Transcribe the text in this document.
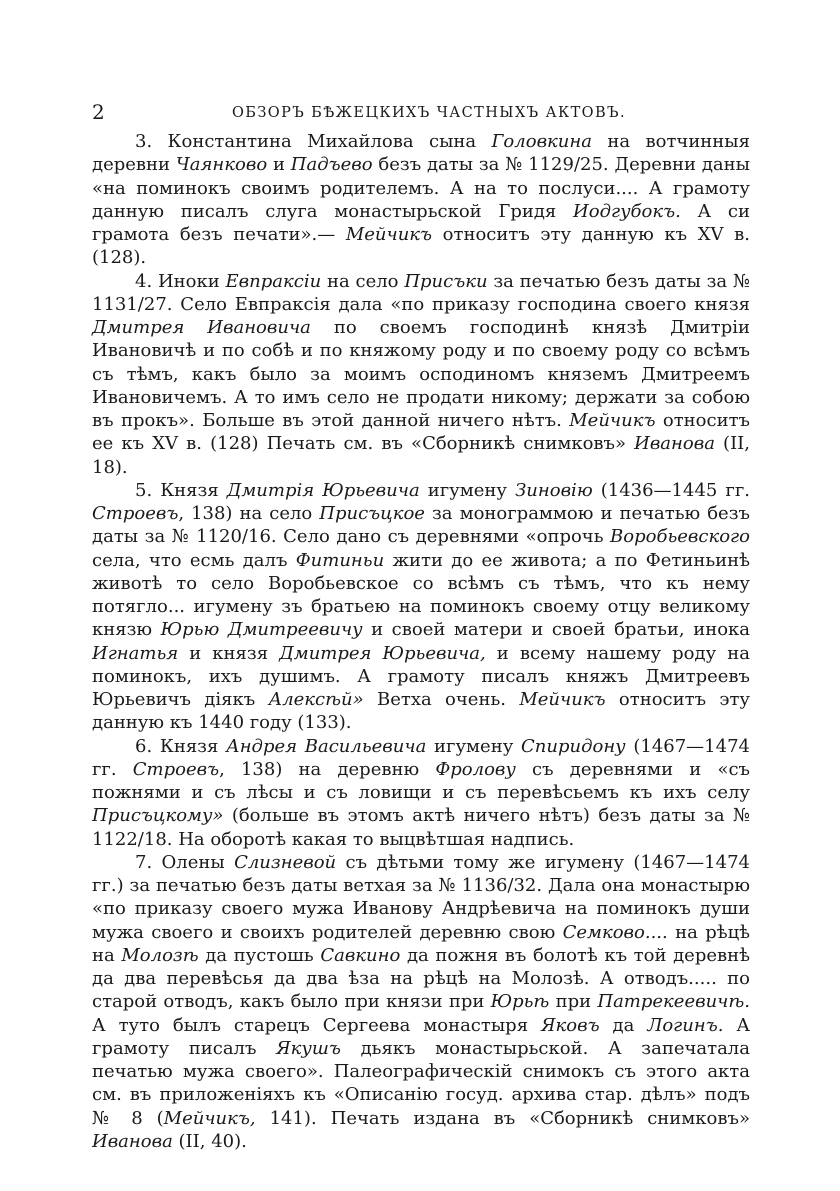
2	ОБЗОРЪ БѢЖЕЦКИХЪ ЧАСТНЫХЪ АКТОВЪ.

3. Константина Михайлова сына Головкина на вотчинныя деревни Чаянково и Падъево безъ даты за № 1129/25. Деревни даны «на поминокъ своимъ родителемъ. А на то послуси.... А грамоту данную писалъ слуга монастырьской Гридя Иодгубокъ. А си грамота безъ печати».— Мейчикъ относитъ эту данную къ XV в. (128).

4. Иноки Евпраксіи на село Присъки за печатью безъ даты за № 1131/27. Село Евпраксія дала «по приказу господина своего князя Дмитрея Ивановича по своемъ господинѣ князѣ Дмитріи Ивановичѣ и по собѣ и по княжому роду и по своему роду со всѣмъ съ тѣмъ, какъ было за моимъ осподиномъ княземъ Дмитреемъ Ивановичемъ. А то имъ село не продати никому; держати за собою въ прокъ». Больше въ этой данной ничего нѣтъ. Мейчикъ относитъ ее къ XV в. (128) Печать см. въ «Сборникѣ снимковъ» Иванова (II, 18).

5. Князя Дмитрія Юрьевича игумену Зиновію (1436—1445 гг. Строевъ, 138) на село Присъцкое за монограммою и печатью безъ даты за № 1120/16. Село дано съ деревнями «опрочь Воробьевского села, что есмь далъ Фитиньи жити до ее живота; а по Фетиньинѣ животѣ то село Воробьевское со всѣмъ съ тѣмъ, что къ нему потягло... игумену зъ братьею на поминокъ своему отцу великому князю Юрью Дмитреевичу и своей матери и своей братьи, инока Игнатья и князя Дмитрея Юрьевича, и всему нашему роду на поминокъ, ихъ душимъ. А грамоту писалъ княжъ Дмитреевъ Юрьевичъ дiякъ Алексѣй» Ветха очень. Мейчикъ относитъ эту данную къ 1440 году (133).

6. Князя Андрея Васильевича игумену Спиридону (1467—1474 гг. Строевъ, 138) на деревню Фролову съ деревнями и «съ пожнями и съ лѣсы и съ ловищи и съ перевѣсьемъ къ ихъ селу Присъцкому» (больше въ этомъ актѣ ничего нѣтъ) безъ даты за № 1122/18. На оборотѣ какая то выцвѣтшая надпись.

7. Олены Слизневой съ дѣтьми тому же игумену (1467—1474 гг.) за печатью безъ даты ветхая за № 1136/32. Дала она монастырю «по приказу своего мужа Иванову Андрѣевича на поминокъ души мужа своего и своихъ родителей деревню свою Семково.... на рѣцѣ на Молозѣ да пустошь Савкино да пожня въ болотѣ къ той деревнѣ да два перевѣсья да два ѣза на рѣцѣ на Молозѣ. А отводъ..... по старой отводъ, какъ было при князи при Юрьѣ при Патрекеевичѣ. А туто былъ старецъ Сергеева монастыря Яковъ да Логинъ. А грамоту писалъ Якушъ дьякъ монастырьской. А запечатала печатью мужа своего». Палеографическій снимокъ съ этого акта см. въ приложеніяхъ къ «Описанію госуд. архива стар. дѣлъ» подъ № 8 (Мейчикъ, 141). Печать издана въ «Сборникѣ снимковъ» Иванова (II, 40).
